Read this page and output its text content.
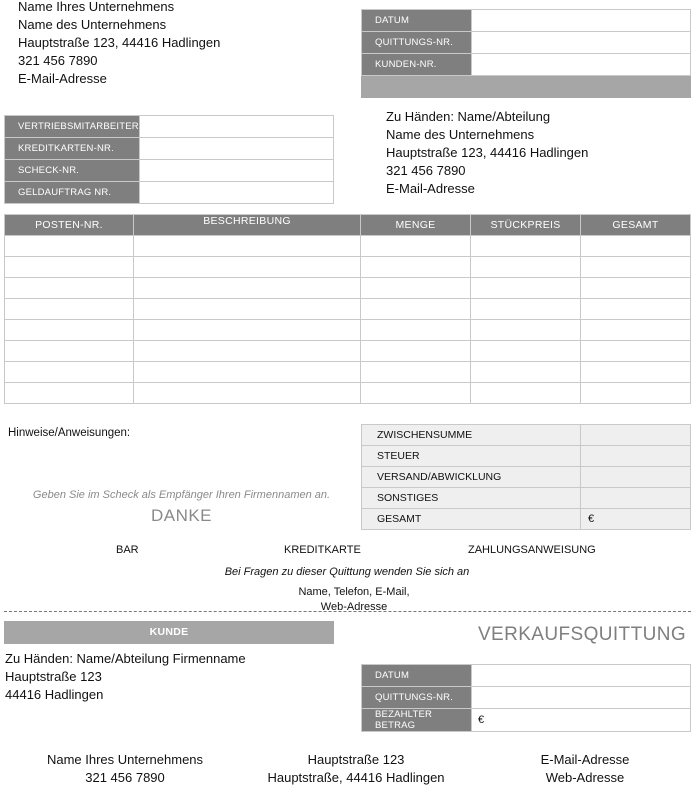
Name Ihres Unternehmens
Name des Unternehmens
Hauptstraße 123, 44416 Hadlingen
321 456 7890
E-Mail-Adresse
DATUM	
QUITTUNGS-NR.	
KUNDEN-NR.	
VERTRIEBSMITARBEITER	
KREDITKARTEN-NR.	
SCHECK-NR.	
GELDAUFTRAG NR.	
Zu Händen: Name/Abteilung
Name des Unternehmens
Hauptstraße 123, 44416 Hadlingen
321 456 7890
E-Mail-Adresse
POSTEN-NR.	BESCHREIBUNG	MENGE	STÜCKPREIS	GESAMT

Hinweise/Anweisungen:
Geben Sie im Scheck als Empfänger Ihren Firmennamen an.
DANKE
ZWISCHENSUMME	
STEUER	
VERSAND/ABWICKLUNG	
SONSTIGES	
GESAMT	€
BAR	KREDITKARTE	ZAHLUNGSANWEISUNG
Bei Fragen zu dieser Quittung wenden Sie sich an
Name, Telefon, E-Mail,
Web-Adresse
KUNDE	VERKAUFSQUITTUNG
Zu Händen: Name/Abteilung Firmenname
Hauptstraße 123
44416 Hadlingen
DATUM	
QUITTUNGS-NR.	
BEZAHLTER BETRAG	€
Name Ihres Unternehmens
321 456 7890
Hauptstraße 123
Hauptstraße, 44416 Hadlingen
E-Mail-Adresse
Web-Adresse
